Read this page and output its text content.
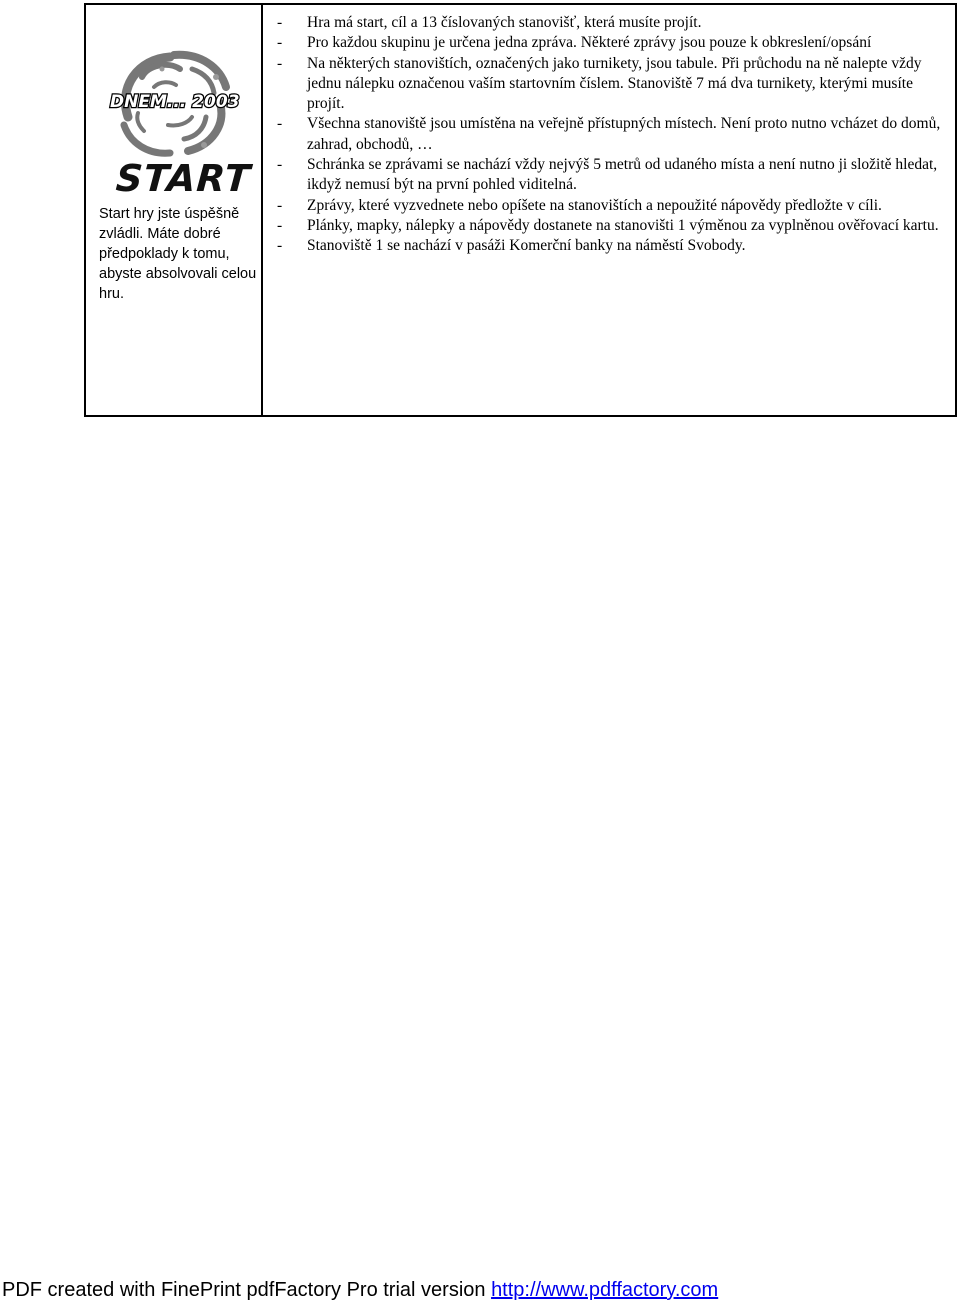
DNEM... 2003
START
Start hry jste úspěšně zvládli. Máte dobré předpoklady k tomu, abyste absolvovali celou hru.
- Hra má start, cíl a 13 číslovaných stanovišť, která musíte projít.
- Pro každou skupinu je určena jedna zpráva. Některé zprávy jsou pouze k obkreslení/opsání
- Na některých stanovištích, označených jako turnikety, jsou tabule. Při průchodu na ně nalepte vždy jednu nálepku označenou vaším startovním číslem. Stanoviště 7 má dva turnikety, kterými musíte projít.
- Všechna stanoviště jsou umístěna na veřejně přístupných místech. Není proto nutno vcházet do domů, zahrad, obchodů, …
- Schránka se zprávami se nachází vždy nejvýš 5 metrů od udaného místa a není nutno ji složitě hledat, ikdyž nemusí být na první pohled viditelná.
- Zprávy, které vyzvednete nebo opíšete na stanovištích a nepoužité nápovědy předložte v cíli.
- Plánky, mapky, nálepky a nápovědy dostanete na stanovišti 1 výměnou za vyplněnou ověřovací kartu.
- Stanoviště 1 se nachází v pasáži Komerční banky na náměstí Svobody.
PDF created with FinePrint pdfFactory Pro trial version http://www.pdffactory.com
